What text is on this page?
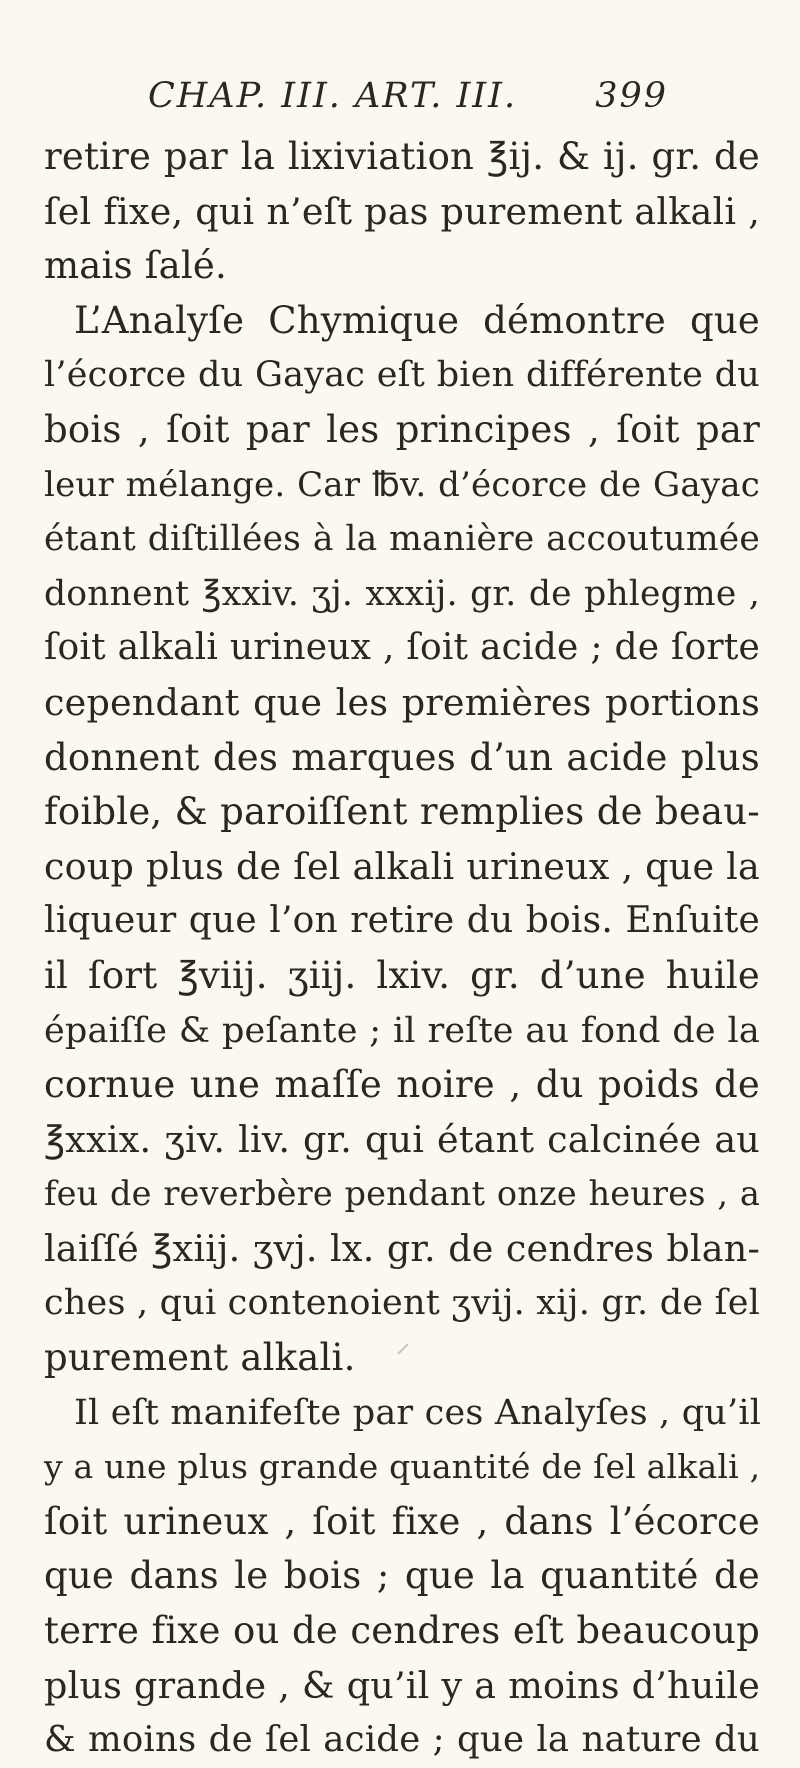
CHAP. III. ART. III. 399
retire par la lixiviation ℥ij. & ij. gr. de
ſel fixe, qui n’eſt pas purement alkali ,
mais ſalé.
L’Analyſe Chymique démontre que
l’écorce du Gayac eſt bien différente du
bois , ſoit par les principes , ſoit par
leur mélange. Car ℔v. d’écorce de Gayac
étant diſtillées à la manière accoutumée
donnent ℥xxiv. ʒj. xxxij. gr. de phlegme ,
ſoit alkali urineux , ſoit acide ; de ſorte
cependant que les premières portions
donnent des marques d’un acide plus
foible, & paroiſſent remplies de beau-
coup plus de ſel alkali urineux , que la
liqueur que l’on retire du bois. Enſuite
il ſort ℥viij. ʒiij. lxiv. gr. d’une huile
épaiſſe & peſante ; il reſte au fond de la
cornue une maſſe noire , du poids de
℥xxix. ʒiv. liv. gr. qui étant calcinée au
feu de reverbère pendant onze heures , a
laiſſé ℥xiij. ʒvj. lx. gr. de cendres blan-
ches , qui contenoient ʒvij. xij. gr. de ſel
purement alkali.
Il eſt manifeſte par ces Analyſes , qu’il
y a une plus grande quantité de ſel alkali ,
ſoit urineux , ſoit fixe , dans l’écorce
que dans le bois ; que la quantité de
terre fixe ou de cendres eſt beaucoup
plus grande , & qu’il y a moins d’huile
& moins de ſel acide ; que la nature du
